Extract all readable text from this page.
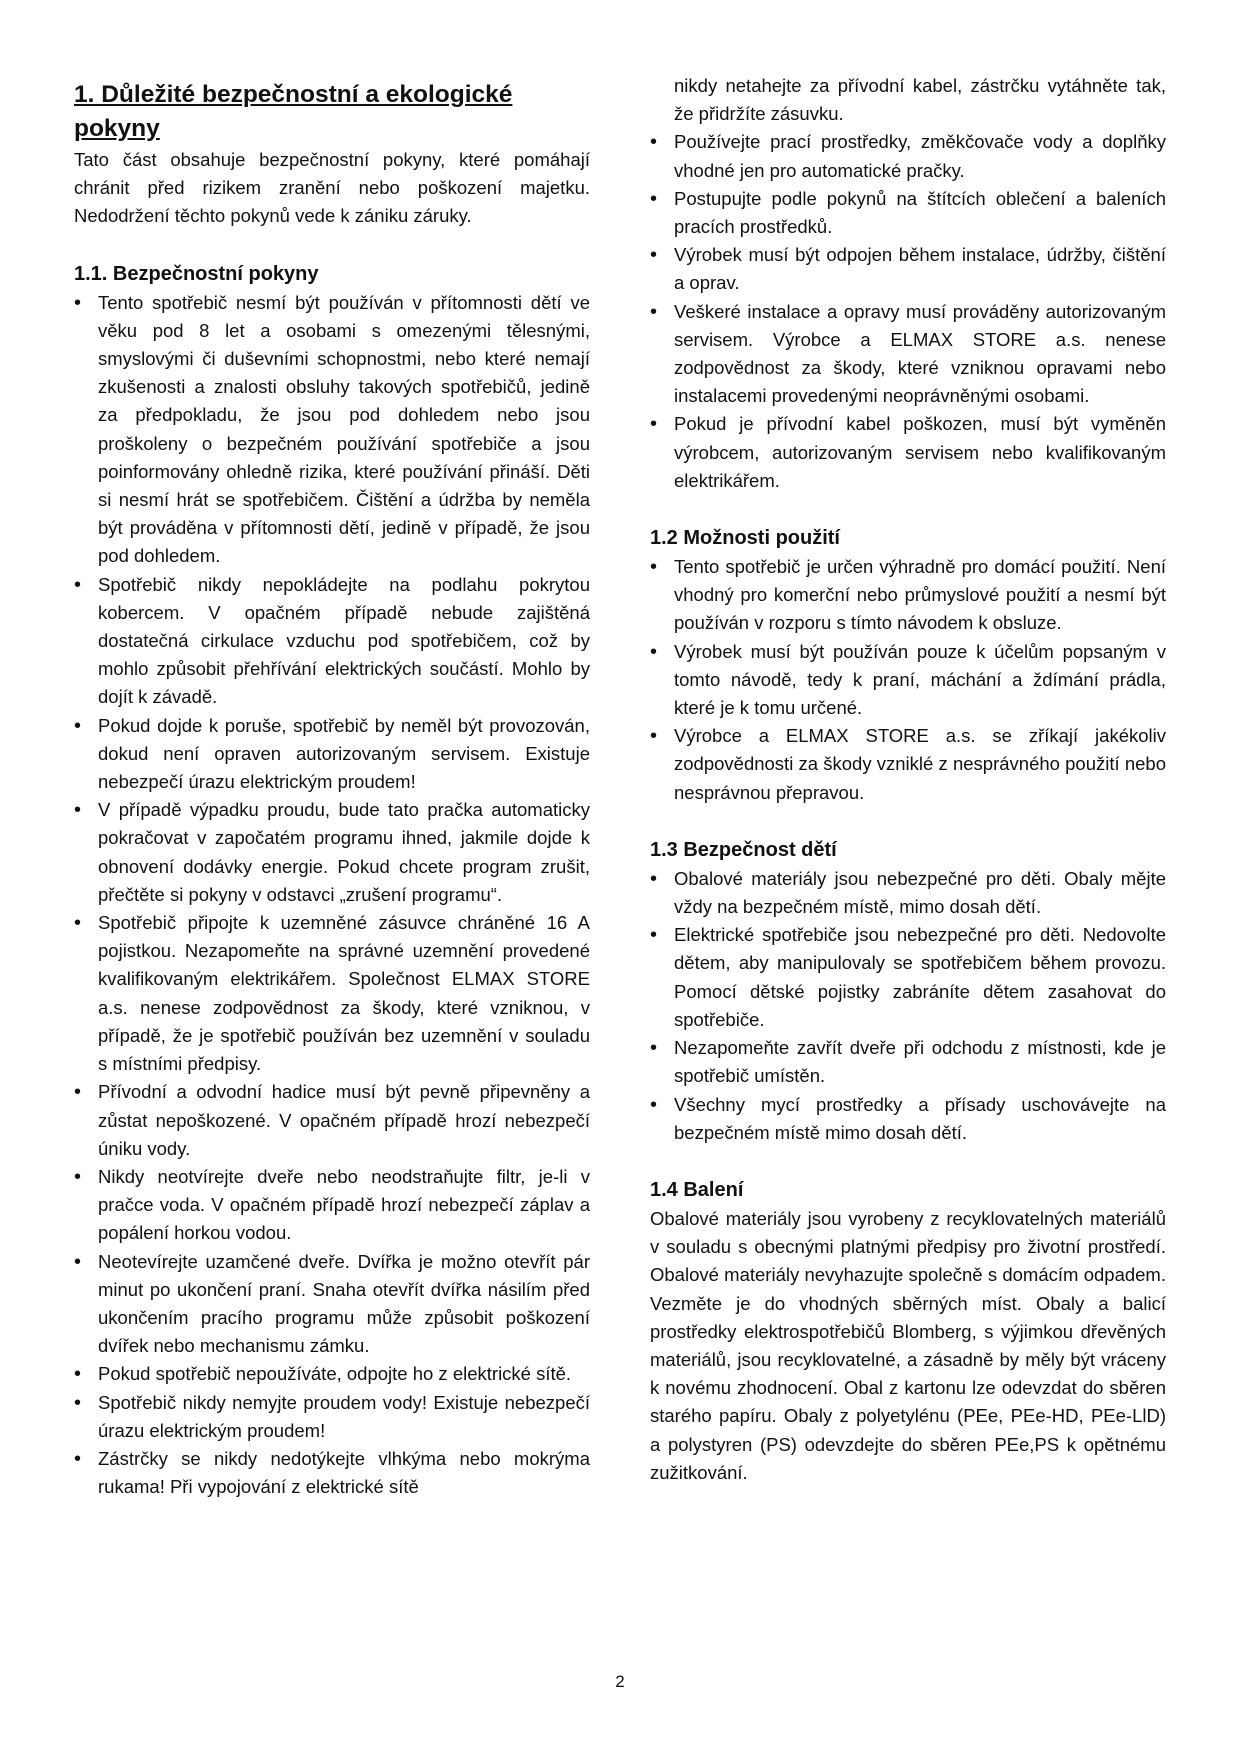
1. Důležité bezpečnostní a ekologické pokyny

Tato část obsahuje bezpečnostní pokyny, které pomáhají chránit před rizikem zranění nebo poškození majetku. Nedodržení těchto pokynů vede k zániku záruky.

1.1. Bezpečnostní pokyny
• Tento spotřebič nesmí být používán v přítomnosti dětí ve věku pod 8 let a osobami s omezenými tělesnými, smyslovými či duševními schopnostmi, nebo které nemají zkušenosti a znalosti obsluhy takových spotřebičů, jedině za předpokladu, že jsou pod dohledem nebo jsou proškoleny o bezpečném používání spotřebiče a jsou poinformovány ohledně rizika, které používání přináší. Děti si nesmí hrát se spotřebičem. Čištění a údržba by neměla být prováděna v přítomnosti dětí, jedině v případě, že jsou pod dohledem.
• Spotřebič nikdy nepokládejte na podlahu pokrytou kobercem. V opačném případě nebude zajištěná dostatečná cirkulace vzduchu pod spotřebičem, což by mohlo způsobit přehřívání elektrických součástí. Mohlo by dojít k závadě.
• Pokud dojde k poruše, spotřebič by neměl být provozován, dokud není opraven autorizovaným servisem. Existuje nebezpečí úrazu elektrickým proudem!
• V případě výpadku proudu, bude tato pračka automaticky pokračovat v započatém programu ihned, jakmile dojde k obnovení dodávky energie. Pokud chcete program zrušit, přečtěte si pokyny v odstavci „zrušení programu“.
• Spotřebič připojte k uzemněné zásuvce chráněné 16 A pojistkou. Nezapomeňte na správné uzemnění provedené kvalifikovaným elektrikářem. Společnost ELMAX STORE a.s. nenese zodpovědnost za škody, které vzniknou, v případě, že je spotřebič používán bez uzemnění v souladu s místními předpisy.
• Přívodní a odvodní hadice musí být pevně připevněny a zůstat nepoškozené. V opačném případě hrozí nebezpečí úniku vody.
• Nikdy neotvírejte dveře nebo neodstraňujte filtr, je-li v pračce voda. V opačném případě hrozí nebezpečí záplav a popálení horkou vodou.
• Neotevírejte uzamčené dveře. Dvířka je možno otevřít pár minut po ukončení praní. Snaha otevřít dvířka násilím před ukončením pracího programu může způsobit poškození dvířek nebo mechanismu zámku.
• Pokud spotřebič nepoužíváte, odpojte ho z elektrické sítě.
• Spotřebič nikdy nemyjte proudem vody! Existuje nebezpečí úrazu elektrickým proudem!
• Zástrčky se nikdy nedotýkejte vlhkýma nebo mokrýma rukama! Při vypojování z elektrické sítě
nikdy netahejte za přívodní kabel, zástrčku vytáhněte tak, že přidržíte zásuvku.
• Používejte prací prostředky, změkčovače vody a doplňky vhodné jen pro automatické pračky.
• Postupujte podle pokynů na štítcích oblečení a baleních pracích prostředků.
• Výrobek musí být odpojen během instalace, údržby, čištění a oprav.
• Veškeré instalace a opravy musí prováděny autorizovaným servisem. Výrobce a ELMAX STORE a.s. nenese zodpovědnost za škody, které vzniknou opravami nebo instalacemi provedenými neoprávněnými osobami.
• Pokud je přívodní kabel poškozen, musí být vyměněn výrobcem, autorizovaným servisem nebo kvalifikovaným elektrikářem.
1.2 Možnosti použití
• Tento spotřebič je určen výhradně pro domácí použití. Není vhodný pro komerční nebo průmyslové použití a nesmí být používán v rozporu s tímto návodem k obsluze.
• Výrobek musí být používán pouze k účelům popsaným v tomto návodě, tedy k praní, máchání a ždímání prádla, které je k tomu určené.
• Výrobce a ELMAX STORE a.s. se zříkají jakékoliv zodpovědnosti za škody vzniklé z nesprávného použití nebo nesprávnou přepravou.
1.3 Bezpečnost dětí
• Obalové materiály jsou nebezpečné pro děti. Obaly mějte vždy na bezpečném místě, mimo dosah dětí.
• Elektrické spotřebiče jsou nebezpečné pro děti. Nedovolte dětem, aby manipulovaly se spotřebičem během provozu. Pomocí dětské pojistky zabráníte dětem zasahovat do spotřebiče.
• Nezapomeňte zavřít dveře při odchodu z místnosti, kde je spotřebič umístěn.
• Všechny mycí prostředky a přísady uschovávejte na bezpečném místě mimo dosah dětí.
1.4 Balení

Obalové materiály jsou vyrobeny z recyklovatelných materiálů v souladu s obecnými platnými předpisy pro životní prostředí. Obalové materiály nevyhazujte společně s domácím odpadem. Vezměte je do vhodných sběrných míst. Obaly a balicí prostředky elektrospotřebičů Blomberg, s výjimkou dřevěných materiálů, jsou recyklovatelné, a zásadně by měly být vráceny k novému zhodnocení. Obal z kartonu lze odevzdat do sběren starého papíru. Obaly z polyetylénu (PEe, PEe-HD, PEe-LlD) a polystyren (PS) odevzdejte do sběren PEe,PS k opětnému zužitkování.

2
